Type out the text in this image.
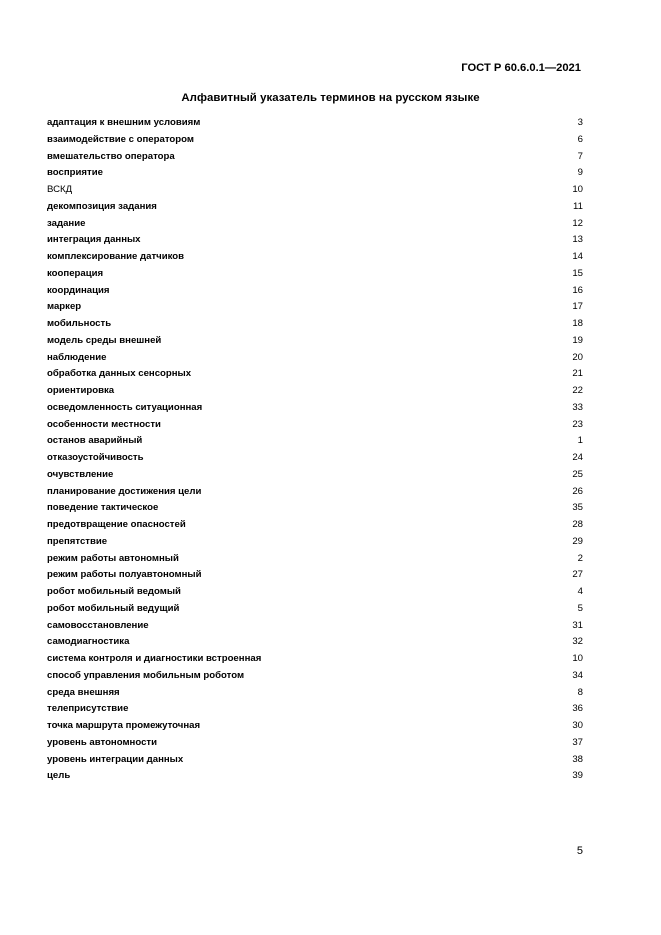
ГОСТ Р 60.6.0.1—2021
Алфавитный указатель терминов на русском языке
адаптация к внешним условиям	3
взаимодействие с оператором	6
вмешательство оператора	7
восприятие	9
ВСКД	10
декомпозиция задания	11
задание	12
интеграция данных	13
комплексирование датчиков	14
кооперация	15
координация	16
маркер	17
мобильность	18
модель среды внешней	19
наблюдение	20
обработка данных сенсорных	21
ориентировка	22
осведомленность ситуационная	33
особенности местности	23
останов аварийный	1
отказоустойчивость	24
очувствление	25
планирование достижения цели	26
поведение тактическое	35
предотвращение опасностей	28
препятствие	29
режим работы автономный	2
режим работы полуавтономный	27
робот мобильный ведомый	4
робот мобильный ведущий	5
самовосстановление	31
самодиагностика	32
система контроля и диагностики встроенная	10
способ управления мобильным роботом	34
среда внешняя	8
телеприсутствие	36
точка маршрута промежуточная	30
уровень автономности	37
уровень интеграции данных	38
цель	39
5
